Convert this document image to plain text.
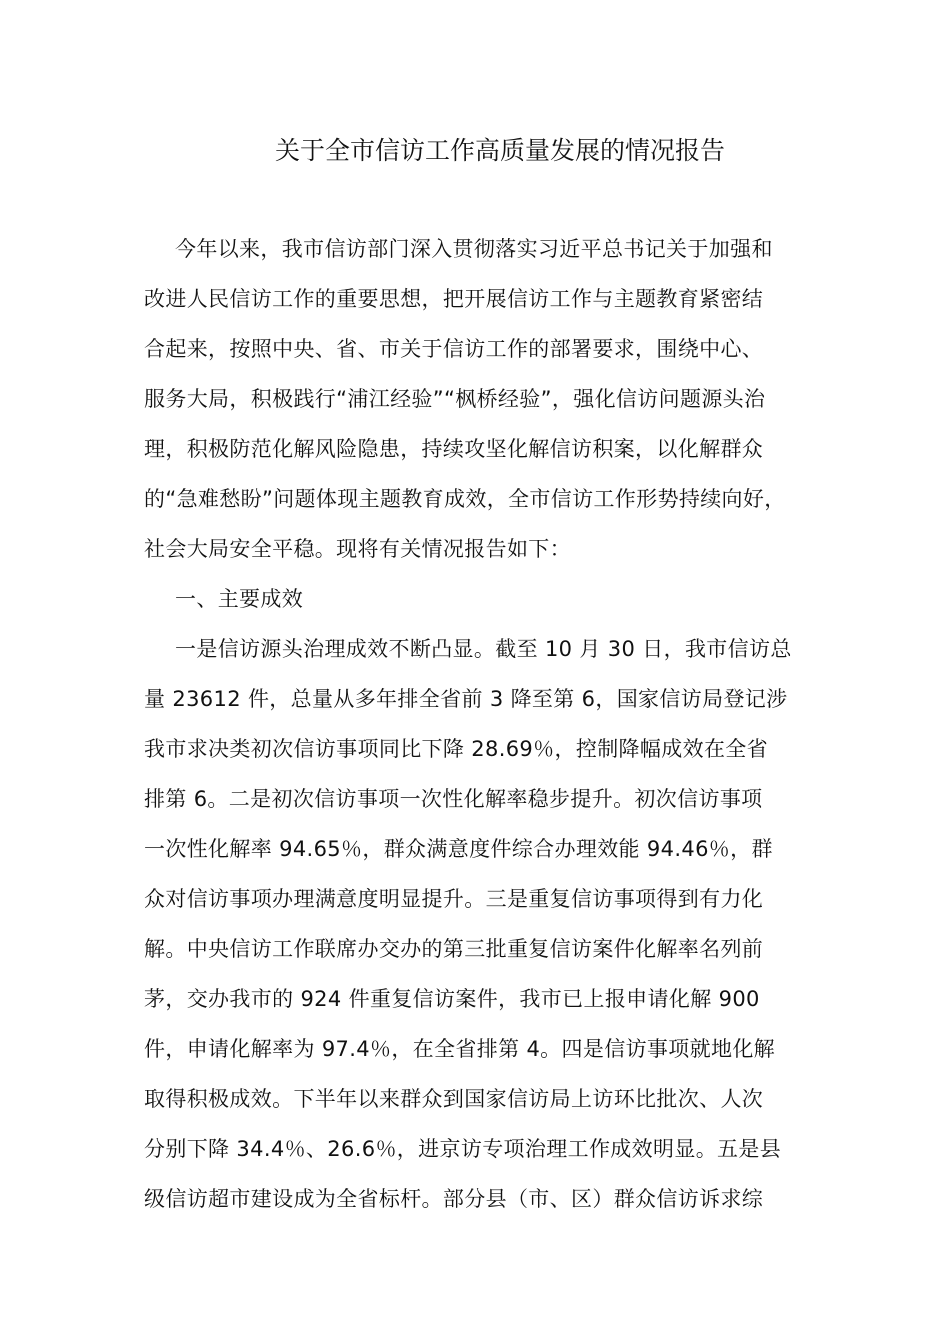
关于全市信访工作高质量发展的情况报告
今年以来，我市信访部门深入贯彻落实习近平总书记关于加强和
改进人民信访工作的重要思想，把开展信访工作与主题教育紧密结
合起来，按照中央、省、市关于信访工作的部署要求，围绕中心、
服务大局，积极践行“浦江经验”“枫桥经验”，强化信访问题源头治
理，积极防范化解风险隐患，持续攻坚化解信访积案，以化解群众
的“急难愁盼”问题体现主题教育成效，全市信访工作形势持续向好，
社会大局安全平稳。现将有关情况报告如下：
一、主要成效
一是信访源头治理成效不断凸显。截至 10 月 30 日，我市信访总
量 23612 件，总量从多年排全省前 3 降至第 6，国家信访局登记涉
我市求决类初次信访事项同比下降 28.69％，控制降幅成效在全省
排第 6。二是初次信访事项一次性化解率稳步提升。初次信访事项
一次性化解率 94.65％，群众满意度件综合办理效能 94.46％，群
众对信访事项办理满意度明显提升。三是重复信访事项得到有力化
解。中央信访工作联席办交办的第三批重复信访案件化解率名列前
茅，交办我市的 924 件重复信访案件，我市已上报申请化解 900
件，申请化解率为 97.4％，在全省排第 4。四是信访事项就地化解
取得积极成效。下半年以来群众到国家信访局上访环比批次、人次
分别下降 34.4％、26.6％，进京访专项治理工作成效明显。五是县
级信访超市建设成为全省标杆。部分县（市、区）群众信访诉求综
